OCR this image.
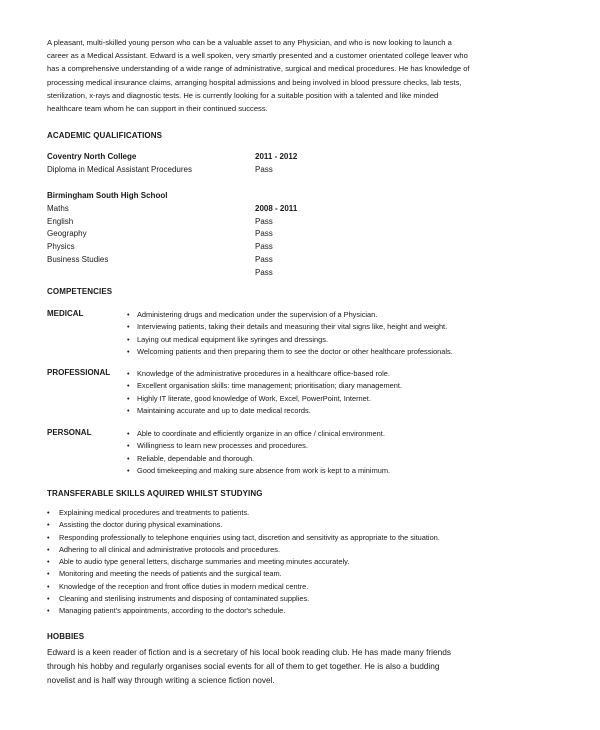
A pleasant, multi-skilled young person who can be a valuable asset to any Physician, and who is now looking to launch a
career as a Medical Assistant. Edward is a well spoken, very smartly presented and a customer orientated college leaver who
has a comprehensive understanding of a wide range of administrative, surgical and medical procedures. He has knowledge of
processing medical insurance claims, arranging hospital admissions and being involved in blood pressure checks, lab tests,
sterilization, x-rays and diagnostic tests. He is currently looking for a suitable position with a talented and like minded
healthcare team whom he can support in their continued success.
ACADEMIC QUALIFICATIONS
Coventry North College	2011 - 2012
Diploma in Medical Assistant Procedures	Pass
Birmingham South High School
Maths	2008 - 2011
English	Pass
Geography	Pass
Physics	Pass
Business Studies	Pass
Pass
COMPETENCIES
MEDICAL	• Administering drugs and medication under the supervision of a Physician.
• Interviewing patients, taking their details and measuring their vital signs like, height and weight.
• Laying out medical equipment like syringes and dressings.
• Welcoming patients and then preparing them to see the doctor or other healthcare professionals.
PROFESSIONAL • Knowledge of the administrative procedures in a healthcare office-based role.
• Excellent organisation skills: time management; prioritisation; diary management.
• Highly IT literate, good knowledge of Work, Excel, PowerPoint, Internet.
• Maintaining accurate and up to date medical records.
PERSONAL	• Able to coordinate and efficiently organize in an office / clinical environment.
• Willingness to learn new processes and procedures.
• Reliable, dependable and thorough.
• Good timekeeping and making sure absence from work is kept to a minimum.
TRANSFERABLE SKILLS AQUIRED WHILST STUDYING
• Explaining medical procedures and treatments to patients.
• Assisting the doctor during physical examinations.
• Responding professionally to telephone enquiries using tact, discretion and sensitivity as appropriate to the situation.
• Adhering to all clinical and administrative protocols and procedures.
• Able to audio type general letters, discharge summaries and meeting minutes accurately.
• Monitoring and meeting the needs of patients and the surgical team.
• Knowledge of the reception and front office duties in modern medical centre.
• Cleaning and sterilising instruments and disposing of contaminated supplies.
• Managing patient's appointments, according to the doctor's schedule.
HOBBIES
Edward is a keen reader of fiction and is a secretary of his local book reading club. He has made many friends
through his hobby and regularly organises social events for all of them to get together. He is also a budding
novelist and is half way through writing a science fiction novel.
